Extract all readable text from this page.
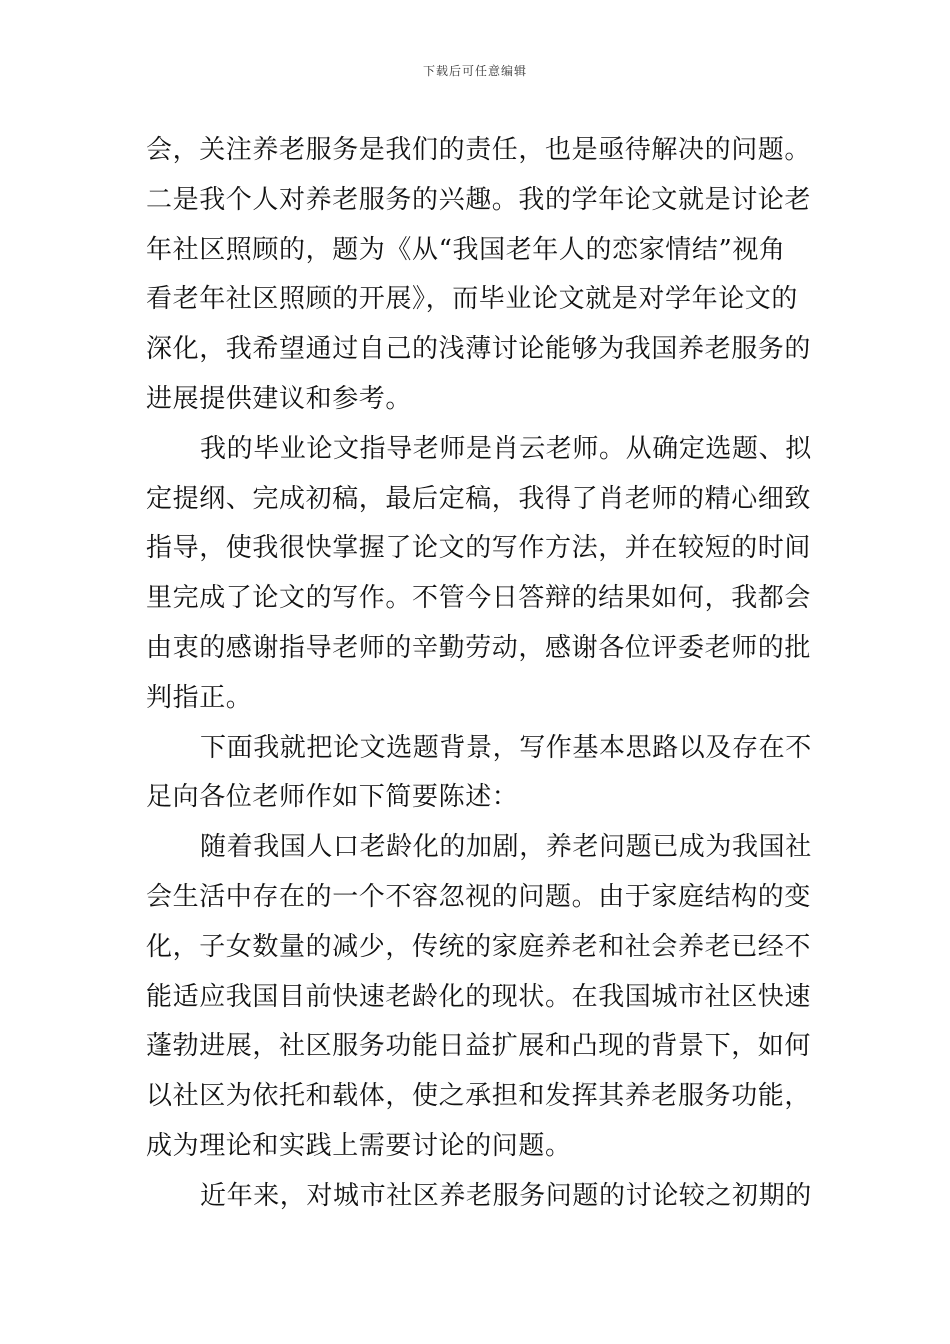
下载后可任意编辑
会，关注养老服务是我们的责任，也是亟待解决的问题。
二是我个人对养老服务的兴趣。我的学年论文就是讨论老
年社区照顾的，题为《从“我国老年人的恋家情结”视角
看老年社区照顾的开展》，而毕业论文就是对学年论文的
深化，我希望通过自己的浅薄讨论能够为我国养老服务的
进展提供建议和参考。
我的毕业论文指导老师是肖云老师。从确定选题、拟
定提纲、完成初稿，最后定稿，我得了肖老师的精心细致
指导，使我很快掌握了论文的写作方法，并在较短的时间
里完成了论文的写作。不管今日答辩的结果如何，我都会
由衷的感谢指导老师的辛勤劳动，感谢各位评委老师的批
判指正。
下面我就把论文选题背景，写作基本思路以及存在不
足向各位老师作如下简要陈述：
随着我国人口老龄化的加剧，养老问题已成为我国社
会生活中存在的一个不容忽视的问题。由于家庭结构的变
化，子女数量的减少，传统的家庭养老和社会养老已经不
能适应我国目前快速老龄化的现状。在我国城市社区快速
蓬勃进展，社区服务功能日益扩展和凸现的背景下，如何
以社区为依托和载体，使之承担和发挥其养老服务功能，
成为理论和实践上需要讨论的问题。
近年来，对城市社区养老服务问题的讨论较之初期的
